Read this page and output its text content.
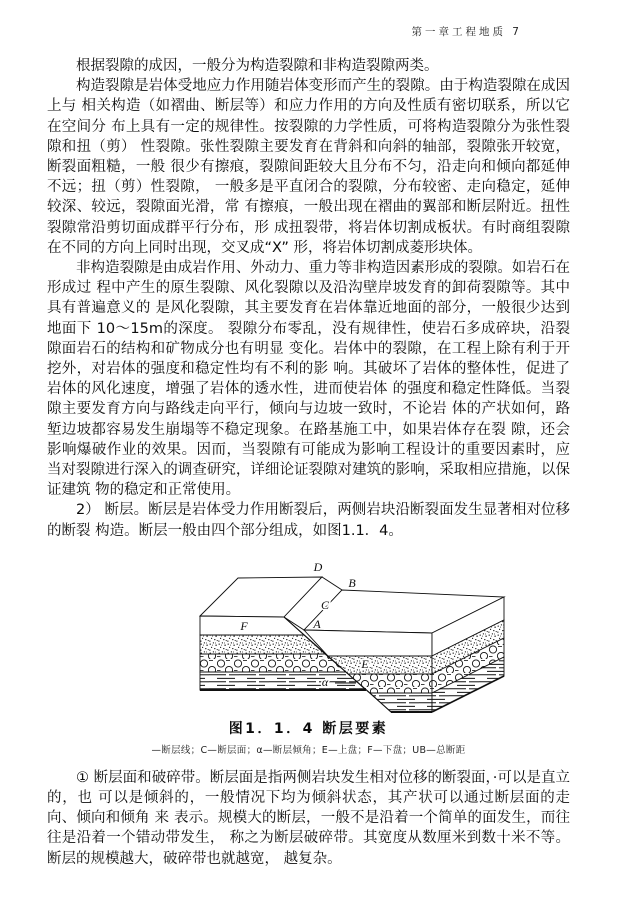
第一章工程地质 7

根据裂隙的成因，一般分为构造裂隙和非构造裂隙两类。

构造裂隙是岩体受地应力作用随岩体变形而产生的裂隙。由于构造裂隙在成因上与 相关构造（如褶曲、断层等）和应力作用的方向及性质有密切联系，所以它在空间分 布上具有一定的规律性。按裂隙的力学性质，可将构造裂隙分为张性裂隙和扭（剪） 性裂隙。张性裂隙主要发育在背斜和向斜的轴部，裂隙张开较宽，断裂面粗糙，一般 很少有擦痕，裂隙间距较大且分布不匀，沿走向和倾向都延伸不远；扭（剪）性裂隙， 一般多是平直闭合的裂隙，分布较密、走向稳定，延伸较深、较远，裂隙面光滑，常 有擦痕，一般出现在褶曲的翼部和断层附近。扭性裂隙常沿剪切面成群平行分布，形 成扭裂带，将岩体切割成板状。有时商组裂隙在不同的方向上同时出现，交叉成“X” 形，将岩体切割成菱形块体。

非构造裂隙是由成岩作用、外动力、重力等非构造因素形成的裂隙。如岩石在形成过 程中产生的原生裂隙、风化裂隙以及沿沟壁岸坡发育的卸荷裂隙等。其中具有普遍意义的 是风化裂隙，其主要发育在岩体靠近地面的部分，一般很少达到地面下 10～15m的深度。 裂隙分布零乱，没有规律性，使岩石多成碎块，沿裂隙面岩石的结构和矿物成分也有明显 变化。岩体中的裂隙，在工程上除有利于开挖外，对岩体的强度和稳定性均有不利的影 响。其破坏了岩体的整体性，促进了岩体的风化速度，增强了岩体的透水性，进而使岩体 的强度和稳定性降低。当裂隙主要发育方向与路线走向平行，倾向与边坡一致时，不论岩 体的产状如何，路堑边坡都容易发生崩塌等不稳定现象。在路基施工中，如果岩体存在裂 隙，还会影响爆破作业的效果。因而，当裂隙有可能成为影响工程设计的重要因素时，应 当对裂隙进行深入的调查研究，详细论证裂隙对建筑的影响，采取相应措施，以保证建筑 物的稳定和正常使用。

2） 断层。断层是岩体受力作用断裂后，两侧岩块沿断裂面发生显著相对位移的断裂 构造。断层一般由四个部分组成，如图1.1．4。

D
B
C
F	A
E
α
图1．1．4 断层要素
—断层线；C—断层面；α—断层倾角；E—上盘；F—下盘；UB—总断距

① 断层面和破碎带。断层面是指两侧岩块发生相对位移的断裂面，·可以是直立的，也 可以是倾斜的，一般情况下均为倾斜状态，其产状可以通过断层面的走向、倾向和倾角 来 表示。规模大的断层，一般不是沿着一个简单的面发生，而往往是沿着一个错动带发生， 称之为断层破碎带。其宽度从数厘米到数十米不等。断层的规模越大，破碎带也就越宽， 越复杂。
